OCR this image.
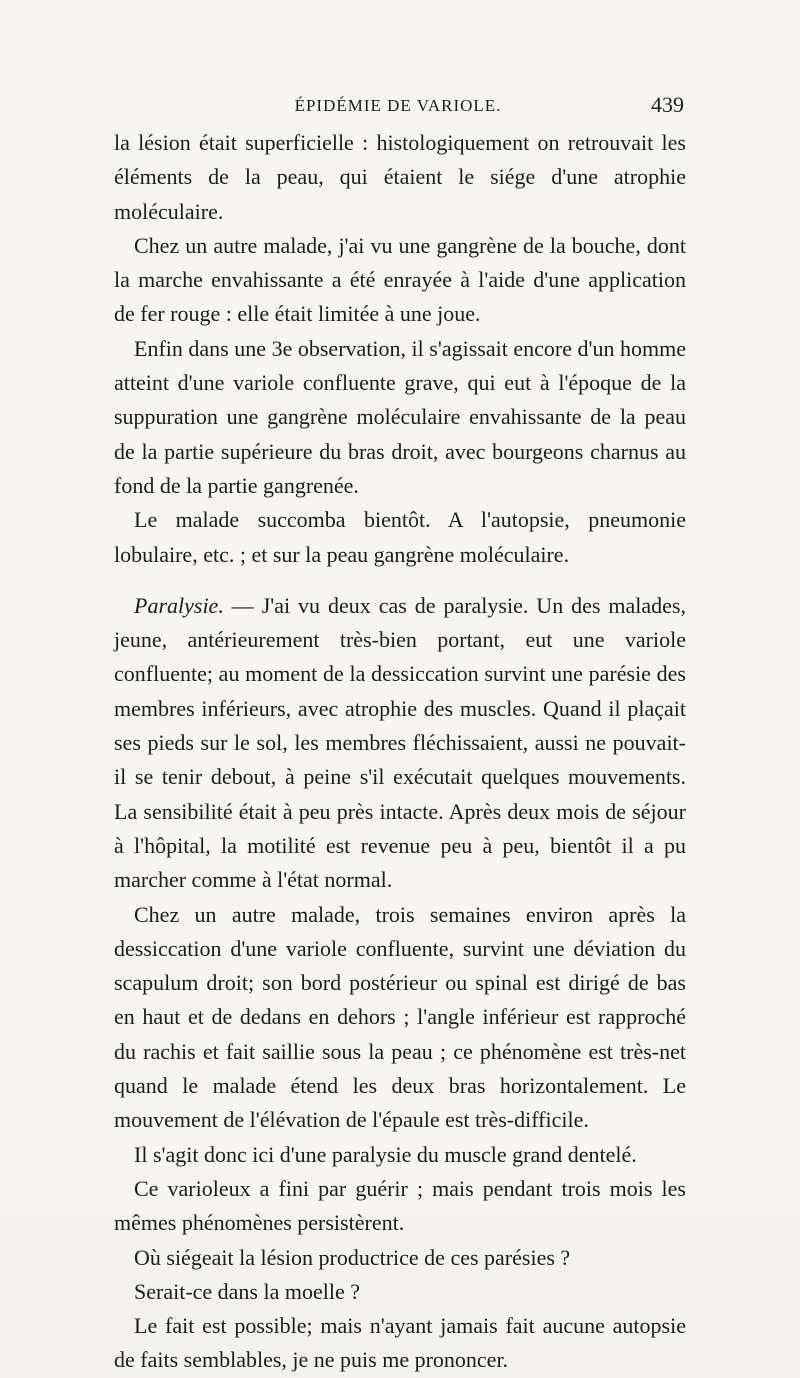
ÉPIDÉMIE DE VARIOLE.	439

la lésion était superficielle : histologiquement on retrouvait les éléments de la peau, qui étaient le siége d'une atrophie moléculaire.

Chez un autre malade, j'ai vu une gangrène de la bouche, dont la marche envahissante a été enrayée à l'aide d'une application de fer rouge : elle était limitée à une joue.

Enfin dans une 3e observation, il s'agissait encore d'un homme atteint d'une variole confluente grave, qui eut à l'époque de la suppuration une gangrène moléculaire envahissante de la peau de la partie supérieure du bras droit, avec bourgeons charnus au fond de la partie gangrenée.

Le malade succomba bientôt. A l'autopsie, pneumonie lobulaire, etc. ; et sur la peau gangrène moléculaire.

Paralysie. — J'ai vu deux cas de paralysie. Un des malades, jeune, antérieurement très-bien portant, eut une variole confluente; au moment de la dessiccation survint une parésie des membres inférieurs, avec atrophie des muscles. Quand il plaçait ses pieds sur le sol, les membres fléchissaient, aussi ne pouvait-il se tenir debout, à peine s'il exécutait quelques mouvements. La sensibilité était à peu près intacte. Après deux mois de séjour à l'hôpital, la motilité est revenue peu à peu, bientôt il a pu marcher comme à l'état normal.

Chez un autre malade, trois semaines environ après la dessiccation d'une variole confluente, survint une déviation du scapulum droit; son bord postérieur ou spinal est dirigé de bas en haut et de dedans en dehors ; l'angle inférieur est rapproché du rachis et fait saillie sous la peau ; ce phénomène est très-net quand le malade étend les deux bras horizontalement. Le mouvement de l'élévation de l'épaule est très-difficile.

Il s'agit donc ici d'une paralysie du muscle grand dentelé.

Ce varioleux a fini par guérir ; mais pendant trois mois les mêmes phénomènes persistèrent.

Où siégeait la lésion productrice de ces parésies ?

Serait-ce dans la moelle ?

Le fait est possible; mais n'ayant jamais fait aucune autopsie de faits semblables, je ne puis me prononcer.
